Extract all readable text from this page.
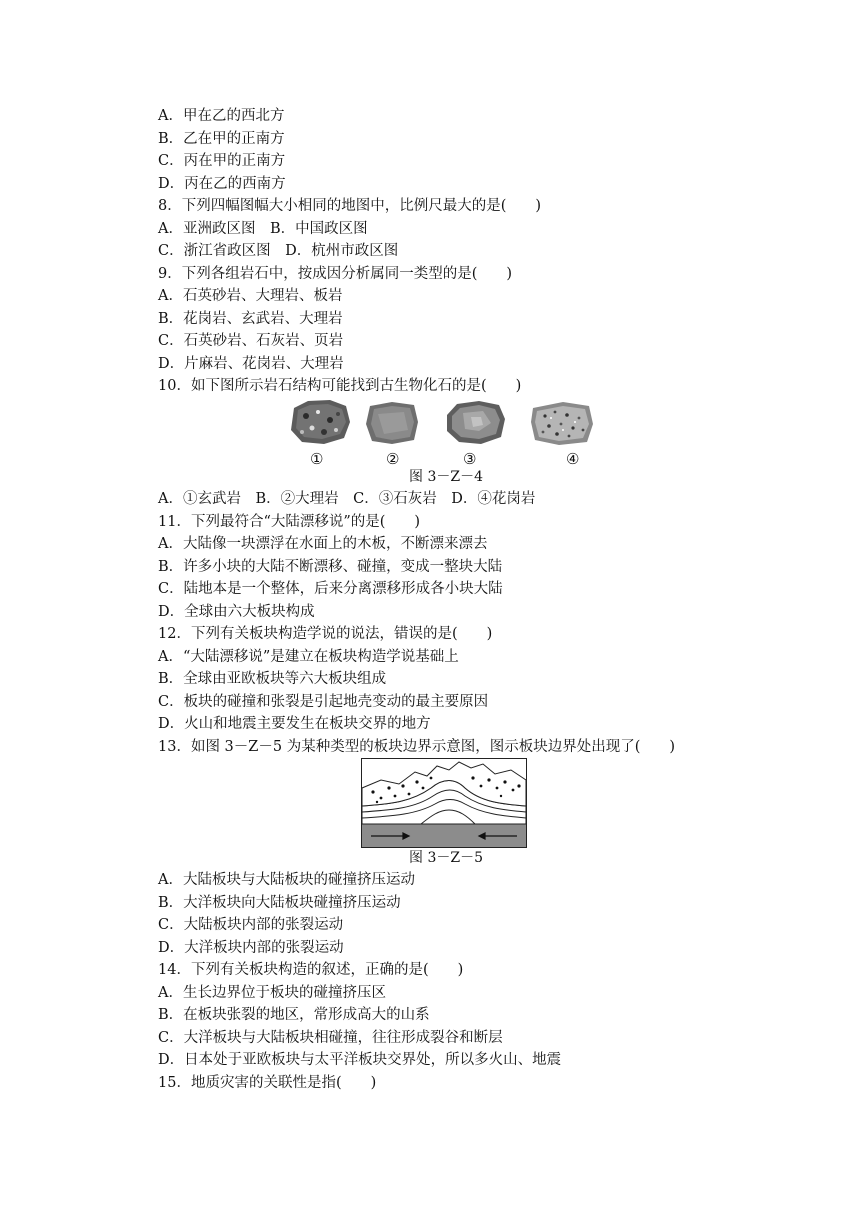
A．甲在乙的西北方
B．乙在甲的正南方
C．丙在甲的正南方
D．丙在乙的西南方
8．下列四幅图幅大小相同的地图中，比例尺最大的是(　　)
A．亚洲政区图　B．中国政区图
C．浙江省政区图　D．杭州市政区图
9．下列各组岩石中，按成因分析属同一类型的是(　　)
A．石英砂岩、大理岩、板岩
B．花岗岩、玄武岩、大理岩
C．石英砂岩、石灰岩、页岩
D．片麻岩、花岗岩、大理岩
10．如下图所示岩石结构可能找到古生物化石的是(　　)
①	②	③	④
图 3－Z－4
A．①玄武岩　B．②大理岩　C．③石灰岩　D．④花岗岩
11．下列最符合“大陆漂移说”的是(　　)
A．大陆像一块漂浮在水面上的木板，不断漂来漂去
B．许多小块的大陆不断漂移、碰撞，变成一整块大陆
C．陆地本是一个整体，后来分离漂移形成各小块大陆
D．全球由六大板块构成
12．下列有关板块构造学说的说法，错误的是(　　)
A．“大陆漂移说”是建立在板块构造学说基础上
B．全球由亚欧板块等六大板块组成
C．板块的碰撞和张裂是引起地壳变动的最主要原因
D．火山和地震主要发生在板块交界的地方
13．如图 3－Z－5 为某种类型的板块边界示意图，图示板块边界处出现了(　　)
图 3－Z－5
A．大陆板块与大陆板块的碰撞挤压运动
B．大洋板块向大陆板块碰撞挤压运动
C．大陆板块内部的张裂运动
D．大洋板块内部的张裂运动
14．下列有关板块构造的叙述，正确的是(　　)
A．生长边界位于板块的碰撞挤压区
B．在板块张裂的地区，常形成高大的山系
C．大洋板块与大陆板块相碰撞，往往形成裂谷和断层
D．日本处于亚欧板块与太平洋板块交界处，所以多火山、地震
15．地质灾害的关联性是指(　　)
